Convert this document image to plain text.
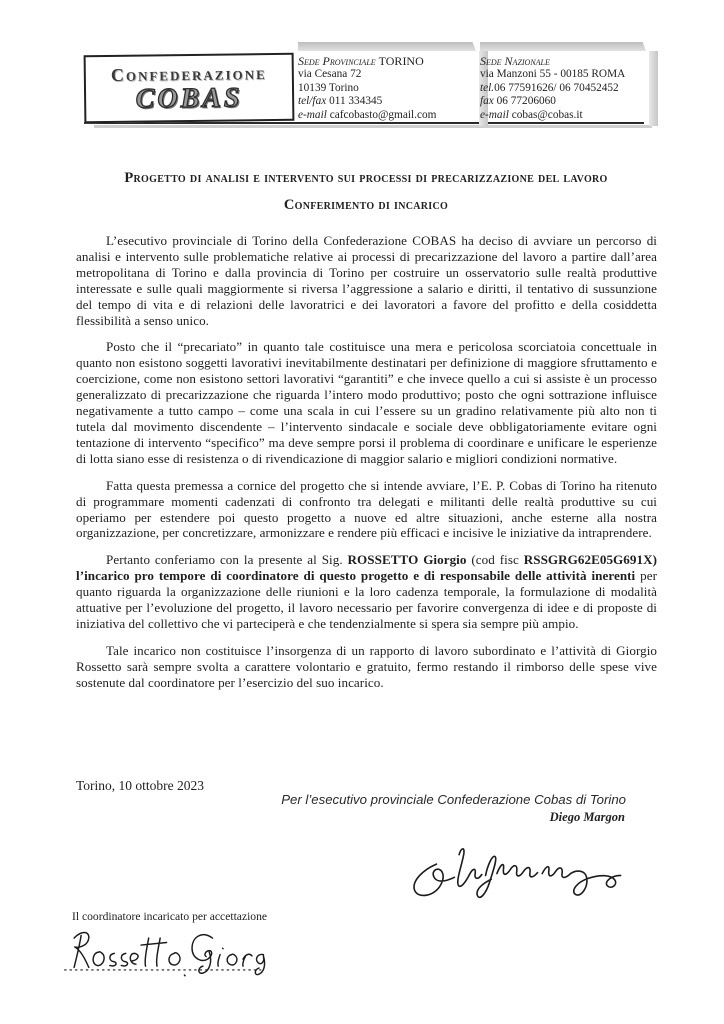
Confederazione
COBAS
Sede Provinciale TORINO
via Cesana 72
10139 Torino
tel/fax 011 334345
e-mail cafcobasto@gmail.com
Sede Nazionale
via Manzoni 55 - 00185 ROMA
tel.06 77591626/ 06 70452452
fax 06 77206060
e-mail cobas@cobas.it
Progetto di analisi e intervento sui processi di precarizzazione del lavoro
Conferimento di incarico

L’esecutivo provinciale di Torino della Confederazione COBAS ha deciso di avviare un percorso di analisi e intervento sulle problematiche relative ai processi di precarizzazione del lavoro a partire dall’area metropolitana di Torino e dalla provincia di Torino per costruire un osservatorio sulle realtà produttive interessate e sulle quali maggiormente si riversa l’aggressione a salario e diritti, il tentativo di sussunzione del tempo di vita e di relazioni delle lavoratrici e dei lavoratori a favore del profitto e della cosiddetta flessibilità a senso unico.

Posto che il “precariato” in quanto tale costituisce una mera e pericolosa scorciatoia concettuale in quanto non esistono soggetti lavorativi inevitabilmente destinatari per definizione di maggiore sfruttamento e coercizione, come non esistono settori lavorativi “garantiti” e che invece quello a cui si assiste è un processo generalizzato di precarizzazione che riguarda l’intero modo produttivo; posto che ogni sottrazione influisce negativamente a tutto campo – come una scala in cui l’essere su un gradino relativamente più alto non ti tutela dal movimento discendente – l’intervento sindacale e sociale deve obbligatoriamente evitare ogni tentazione di intervento “specifico” ma deve sempre porsi il problema di coordinare e unificare le esperienze di lotta siano esse di resistenza o di rivendicazione di maggior salario e migliori condizioni normative.

Fatta questa premessa a cornice del progetto che si intende avviare, l’E. P. Cobas di Torino ha ritenuto di programmare momenti cadenzati di confronto tra delegati e militanti delle realtà produttive su cui operiamo per estendere poi questo progetto a nuove ed altre situazioni, anche esterne alla nostra organizzazione, per concretizzare, armonizzare e rendere più efficaci e incisive le iniziative da intraprendere.

Pertanto conferiamo con la presente al Sig. ROSSETTO Giorgio (cod fisc RSSGRG62E05G691X) l’incarico pro tempore di coordinatore di questo progetto e di responsabile delle attività inerenti per quanto riguarda la organizzazione delle riunioni e la loro cadenza temporale, la formulazione di modalità attuative per l’evoluzione del progetto, il lavoro necessario per favorire convergenza di idee e di proposte di iniziativa del collettivo che vi parteciperà e che tendenzialmente si spera sia sempre più ampio.

Tale incarico non costituisce l’insorgenza di un rapporto di lavoro subordinato e l’attività di Giorgio Rossetto sarà sempre svolta a carattere volontario e gratuito, fermo restando il rimborso delle spese vive sostenute dal coordinatore per l’esercizio del suo incarico.

Torino, 10 ottobre 2023
Per l’esecutivo provinciale Confederazione Cobas di Torino
Diego Margon
Il coordinatore incaricato per accettazione
